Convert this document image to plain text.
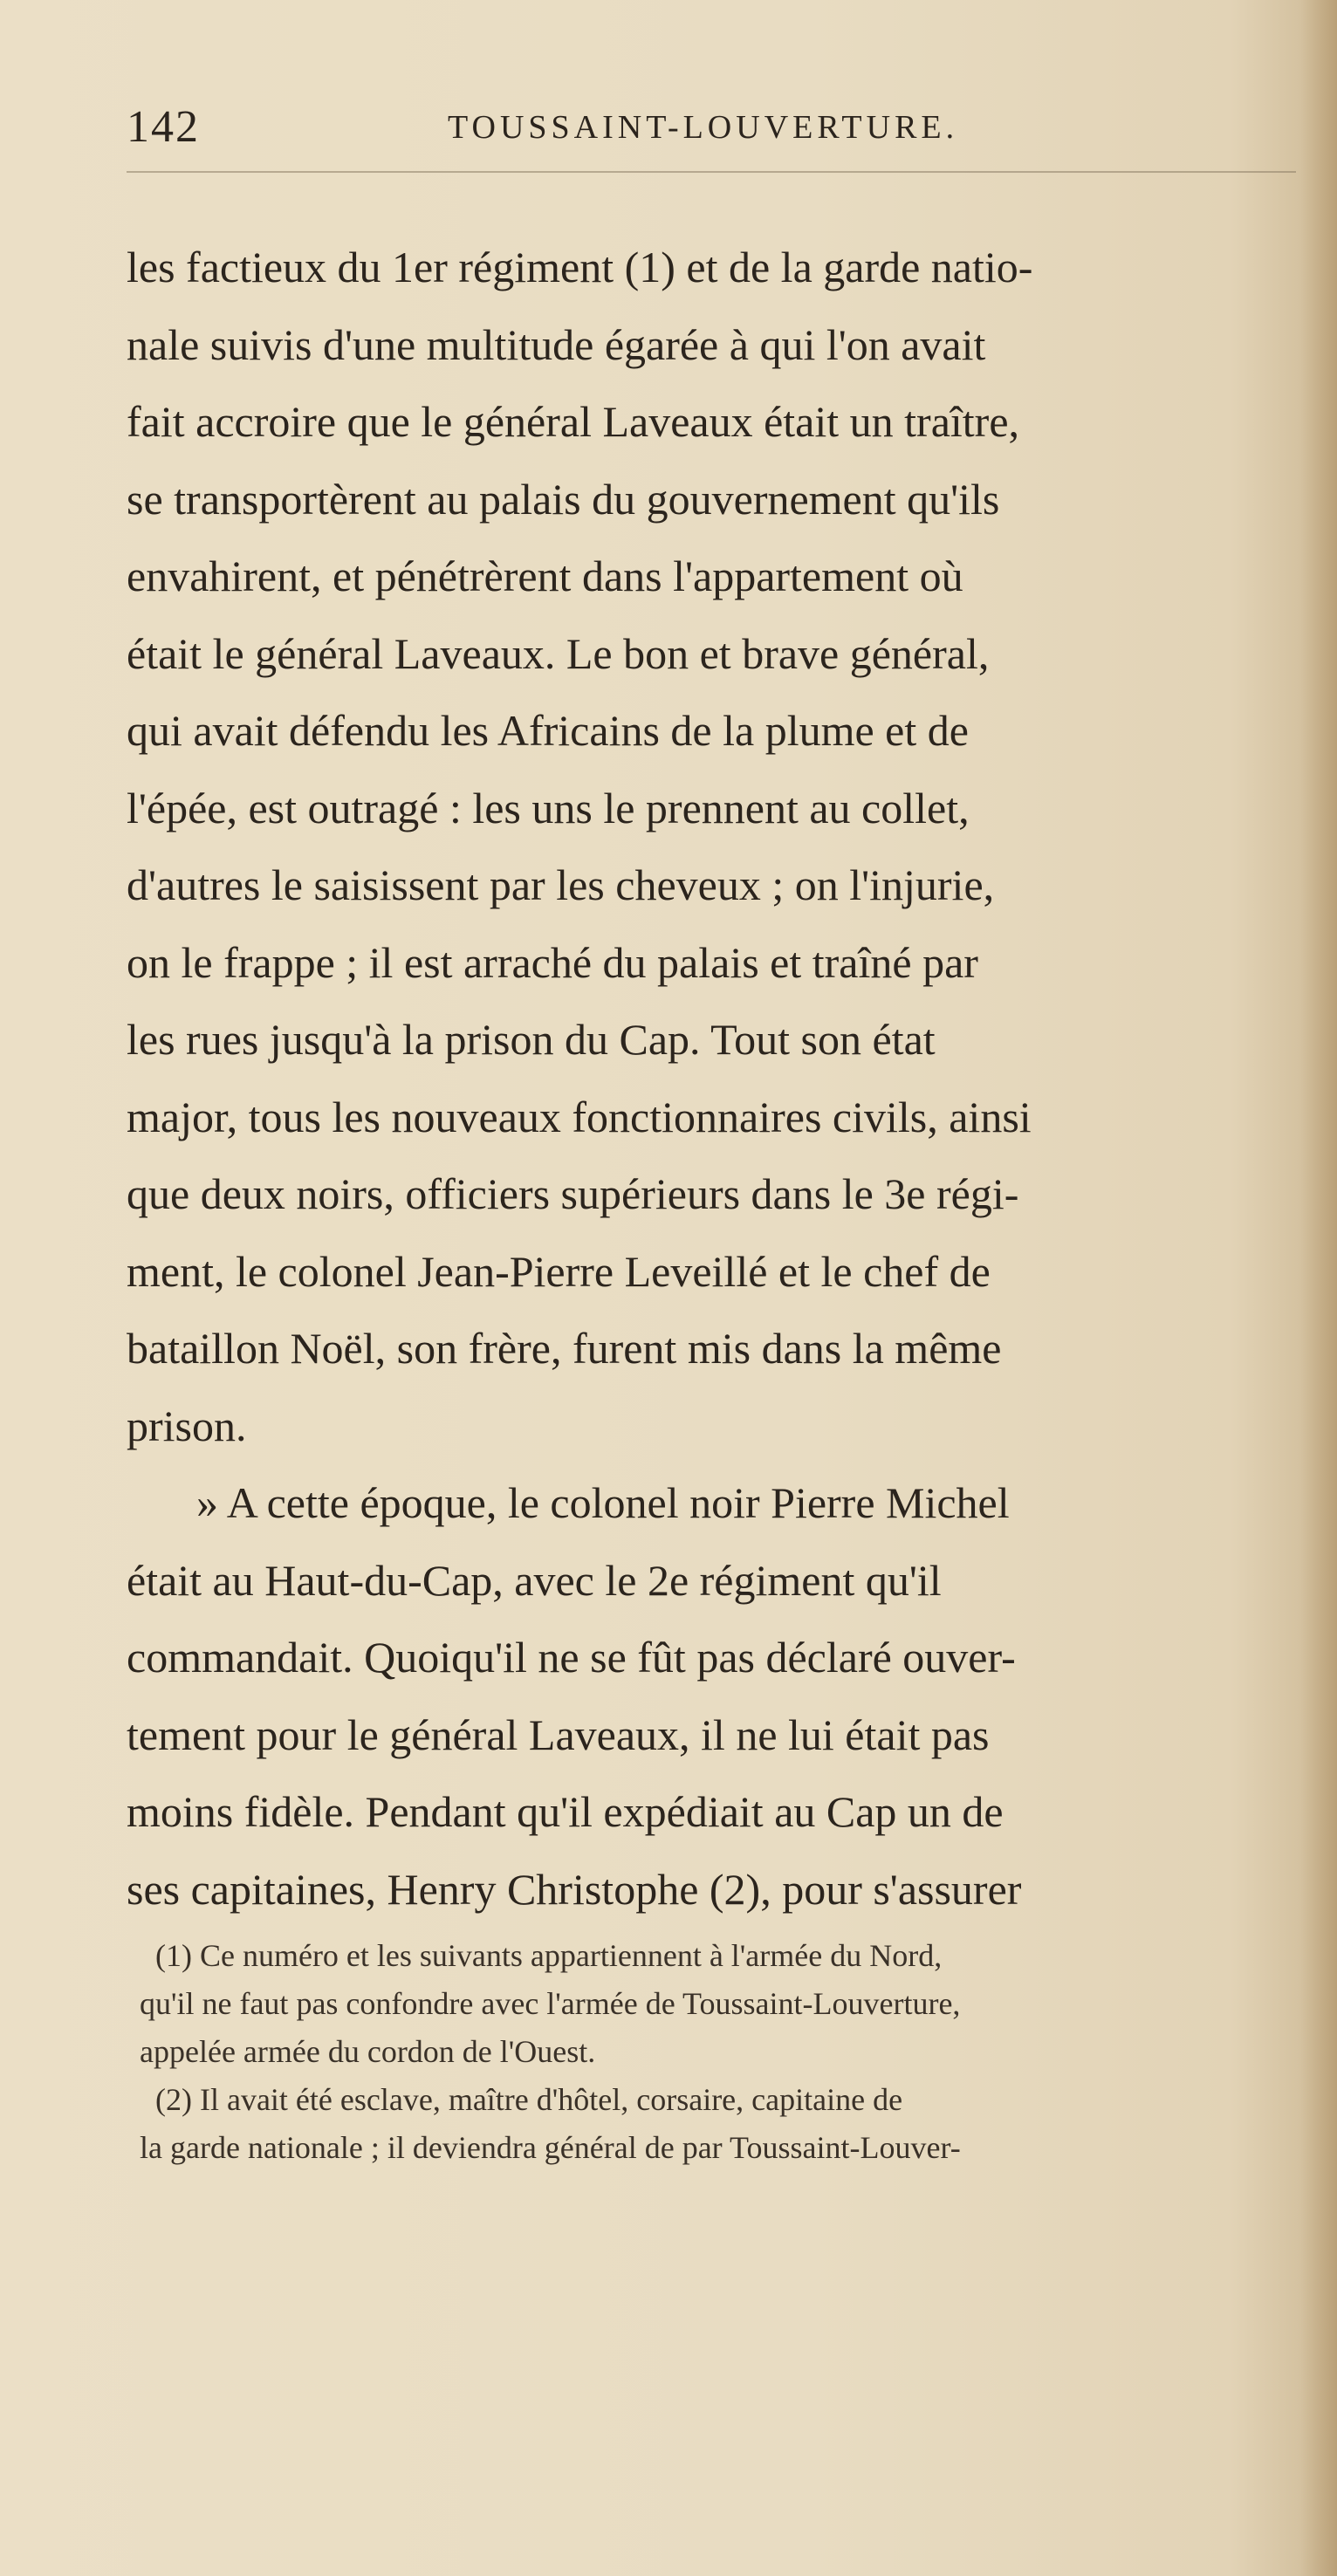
142	TOUSSAINT-LOUVERTURE.
les factieux du 1er régiment (1) et de la garde natio-
nale suivis d'une multitude égarée à qui l'on avait
fait accroire que le général Laveaux était un traître,
se transportèrent au palais du gouvernement qu'ils
envahirent, et pénétrèrent dans l'appartement où
était le général Laveaux. Le bon et brave général,
qui avait défendu les Africains de la plume et de
l'épée, est outragé : les uns le prennent au collet,
d'autres le saisissent par les cheveux ; on l'injurie,
on le frappe ; il est arraché du palais et traîné par
les rues jusqu'à la prison du Cap. Tout son état
major, tous les nouveaux fonctionnaires civils, ainsi
que deux noirs, officiers supérieurs dans le 3e régi-
ment, le colonel Jean-Pierre Leveillé et le chef de
bataillon Noël, son frère, furent mis dans la même
prison.
» A cette époque, le colonel noir Pierre Michel
était au Haut-du-Cap, avec le 2e régiment qu'il
commandait. Quoiqu'il ne se fût pas déclaré ouver-
tement pour le général Laveaux, il ne lui était pas
moins fidèle. Pendant qu'il expédiait au Cap un de
ses capitaines, Henry Christophe (2), pour s'assurer
(1) Ce numéro et les suivants appartiennent à l'armée du Nord,
qu'il ne faut pas confondre avec l'armée de Toussaint-Louverture,
appelée armée du cordon de l'Ouest.
(2) Il avait été esclave, maître d'hôtel, corsaire, capitaine de
la garde nationale ; il deviendra général de par Toussaint-Louver-
